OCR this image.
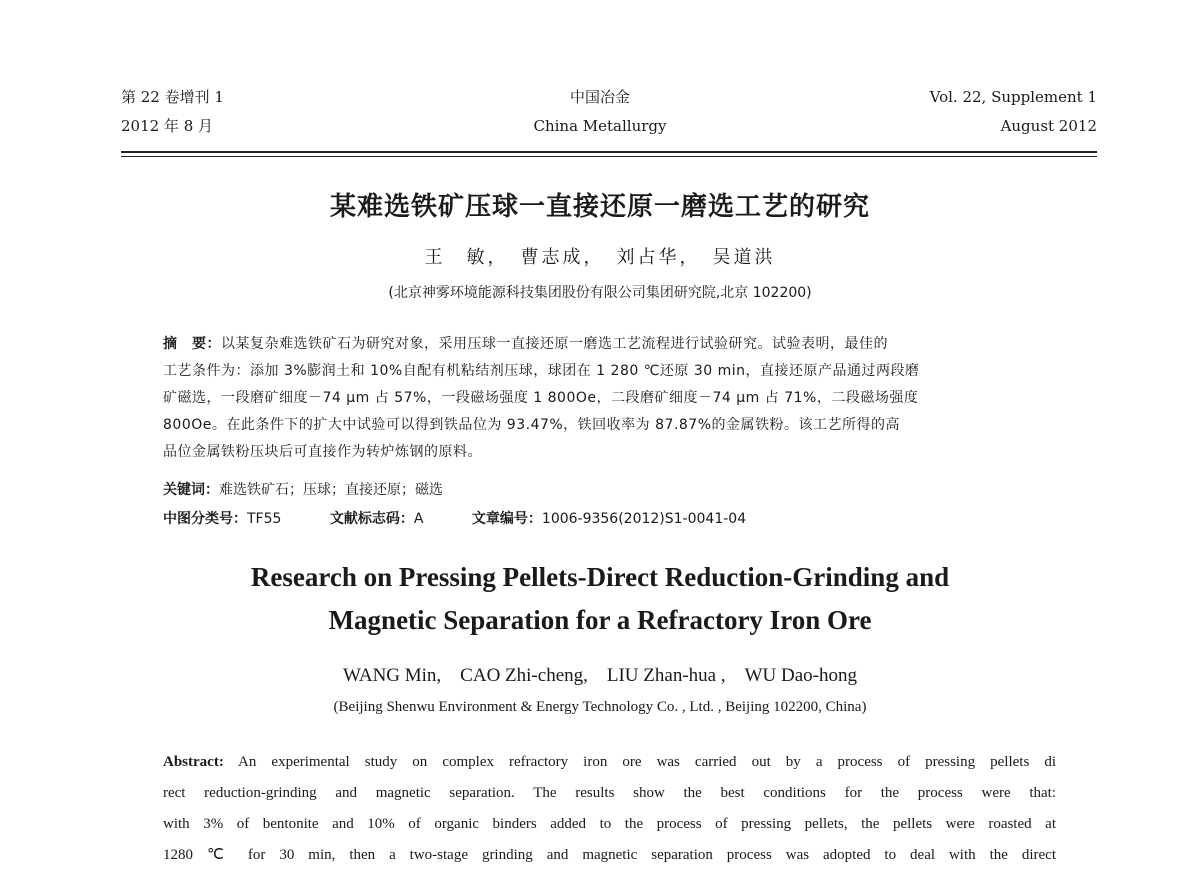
第 22 卷增刊 1
2012 年 8 月
中国冶金
China Metallurgy
Vol. 22, Supplement 1
August 2012
某难选铁矿压球一直接还原一磨选工艺的研究
王　敏，　曹志成，　刘占华，　吴道洪
(北京神雾环境能源科技集团股份有限公司集团研究院,北京 102200)
摘　要：以某复杂难选铁矿石为研究对象，采用压球一直接还原一磨选工艺流程进行试验研究。试验表明，最佳的
工艺条件为：添加 3%膨润土和 10%自配有机粘结剂压球，球团在 1 280 ℃还原 30 min，直接还原产品通过两段磨
矿磁选，一段磨矿细度－74 μm 占 57%，一段磁场强度 1 800Oe，二段磨矿细度－74 μm 占 71%，二段磁场强度
800Oe。在此条件下的扩大中试验可以得到铁品位为 93.47%，铁回收率为 87.87%的金属铁粉。该工艺所得的高
品位金属铁粉压块后可直接作为转炉炼钢的原料。
关键词：难选铁矿石；压球；直接还原；磁选
中图分类号：TF55	文献标志码：A	文章编号：1006-9356(2012)S1-0041-04
Research on Pressing Pellets-Direct Reduction-Grinding and
Magnetic Separation for a Refractory Iron Ore
WANG Min,　CAO Zhi-cheng,　LIU Zhan-hua ,　WU Dao-hong
(Beijing Shenwu Environment & Energy Technology Co. , Ltd. , Beijing 102200, China)
Abstract: An experimental study on complex refractory iron ore was carried out by a process of pressing pellets di
rect reduction-grinding and magnetic separation. The results show the best conditions for the process were that:
with 3% of bentonite and 10% of organic binders added to the process of pressing pellets, the pellets were roasted at
1280 ℃ for 30 min, then a two-stage grinding and magnetic separation process was adopted to deal with the direct
